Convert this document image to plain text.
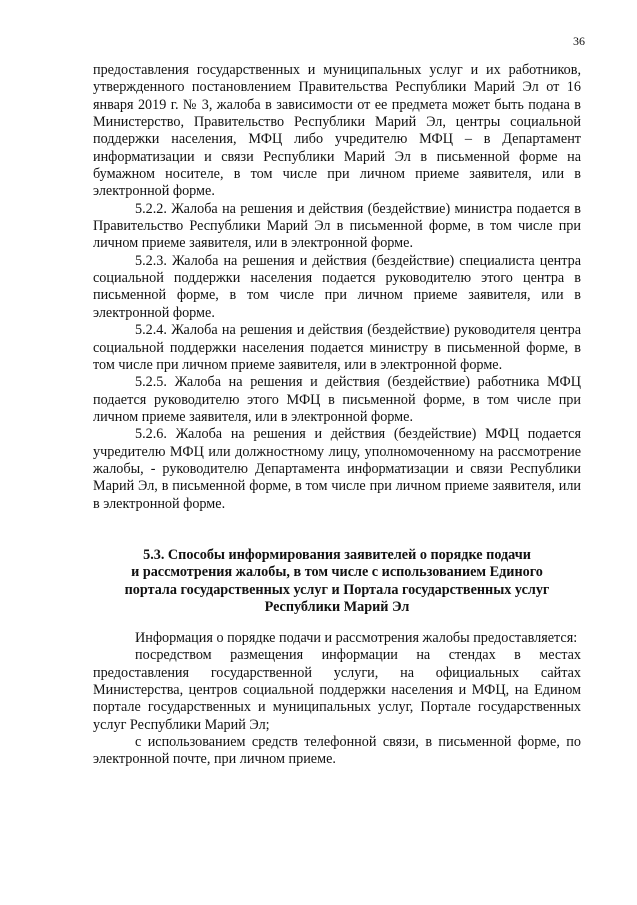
36

предоставления государственных и муниципальных услуг и их работников, утвержденного постановлением Правительства Республики Марий Эл от 16 января 2019 г. № 3, жалоба в зависимости от ее предмета может быть подана в Министерство, Правительство Республики Марий Эл, центры социальной поддержки населения, МФЦ либо учредителю МФЦ – в Департамент информатизации и связи Республики Марий Эл в письменной форме на бумажном носителе, в том числе при личном приеме заявителя, или в электронной форме.

5.2.2. Жалоба на решения и действия (бездействие) министра подается в Правительство Республики Марий Эл в письменной форме, в том числе при личном приеме заявителя, или в электронной форме.

5.2.3. Жалоба на решения и действия (бездействие) специалиста центра социальной поддержки населения подается руководителю этого центра в письменной форме, в том числе при личном приеме заявителя, или в электронной форме.

5.2.4. Жалоба на решения и действия (бездействие) руководителя центра социальной поддержки населения подается министру в письменной форме, в том числе при личном приеме заявителя, или в электронной форме.

5.2.5. Жалоба на решения и действия (бездействие) работника МФЦ подается руководителю этого МФЦ в письменной форме, в том числе при личном приеме заявителя, или в электронной форме.

5.2.6. Жалоба на решения и действия (бездействие) МФЦ подается учредителю МФЦ или должностному лицу, уполномоченному на рассмотрение жалобы, - руководителю Департамента информатизации и связи Республики Марий Эл, в письменной форме, в том числе при личном приеме заявителя, или в электронной форме.

5.3. Способы информирования заявителей о порядке подачи
и рассмотрения жалобы, в том числе с использованием Единого
портала государственных услуг и Портала государственных услуг
Республики Марий Эл

Информация о порядке подачи и рассмотрения жалобы предоставляется:

посредством размещения информации на стендах в местах предоставления государственной услуги, на официальных сайтах Министерства, центров социальной поддержки населения и МФЦ, на Едином портале государственных и муниципальных услуг, Портале государственных услуг Республики Марий Эл;

с использованием средств телефонной связи, в письменной форме, по электронной почте, при личном приеме.
